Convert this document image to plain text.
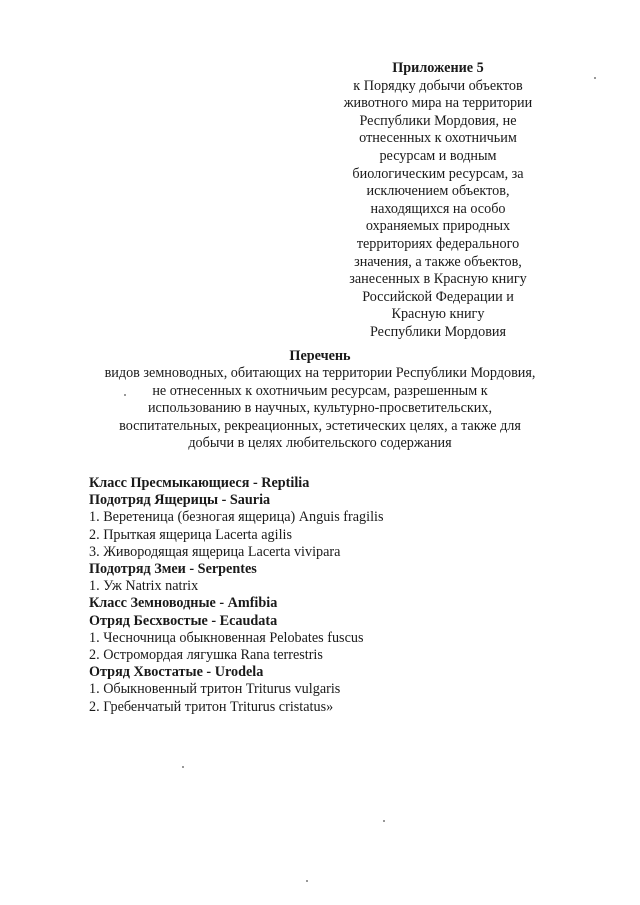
Приложение 5
к Порядку добычи объектов
животного мира на территории
Республики Мордовия, не
отнесенных к охотничьим
ресурсам и водным
биологическим ресурсам, за
исключением объектов,
находящихся на особо
охраняемых природных
территориях федерального
значения, а также объектов,
занесенных в Красную книгу
Российской Федерации и
Красную книгу
Республики Мордовия
Перечень
видов земноводных, обитающих на территории Республики Мордовия,
не отнесенных к охотничьим ресурсам, разрешенным к
использованию в научных, культурно-просветительских,
воспитательных, рекреационных, эстетических целях, а также для
добычи в целях любительского содержания
Класс Пресмыкающиеся - Reptilia
Подотряд Ящерицы - Sauria
1. Веретеница (безногая ящерица) Anguis fragilis
2. Прыткая ящерица Lacerta agilis
3. Живородящая ящерица Lacerta vivipara
Подотряд Змеи - Serpentes
1. Уж Natrix natrix
Класс Земноводные - Amfibia
Отряд Бесхвостые - Ecaudata
1. Чесночница обыкновенная Pelobates fuscus
2. Остромордая лягушка Rana terrestris
Отряд Хвостатые - Urodela
1. Обыкновенный тритон Triturus vulgaris
2. Гребенчатый тритон Triturus cristatus»
